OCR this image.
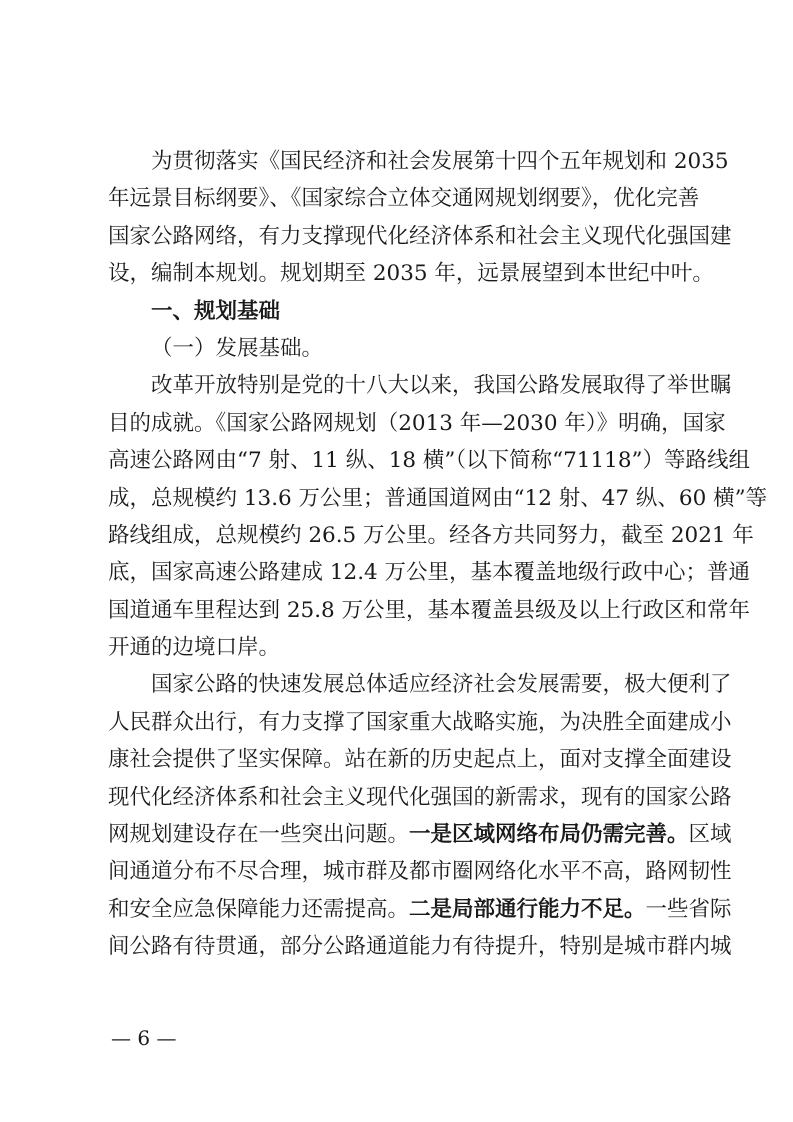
为贯彻落实《国民经济和社会发展第十四个五年规划和 2035
年远景目标纲要》、《国家综合立体交通网规划纲要》，优化完善
国家公路网络，有力支撑现代化经济体系和社会主义现代化强国建
设，编制本规划。规划期至 2035 年，远景展望到本世纪中叶。
一、规划基础
（一）发展基础。
改革开放特别是党的十八大以来，我国公路发展取得了举世瞩
目的成就。《国家公路网规划（2013 年—2030 年）》明确，国家
高速公路网由“7 射、11 纵、18 横”（以下简称“71118”）等路线组
成，总规模约 13.6 万公里；普通国道网由“12 射、47 纵、60 横”等
路线组成，总规模约 26.5 万公里。经各方共同努力，截至 2021 年
底，国家高速公路建成 12.4 万公里，基本覆盖地级行政中心；普通
国道通车里程达到 25.8 万公里，基本覆盖县级及以上行政区和常年
开通的边境口岸。
国家公路的快速发展总体适应经济社会发展需要，极大便利了
人民群众出行，有力支撑了国家重大战略实施，为决胜全面建成小
康社会提供了坚实保障。站在新的历史起点上，面对支撑全面建设
现代化经济体系和社会主义现代化强国的新需求，现有的国家公路
网规划建设存在一些突出问题。一是区域网络布局仍需完善。区域
间通道分布不尽合理，城市群及都市圈网络化水平不高，路网韧性
和安全应急保障能力还需提高。二是局部通行能力不足。一些省际
间公路有待贯通，部分公路通道能力有待提升，特别是城市群内城
— 6 —
